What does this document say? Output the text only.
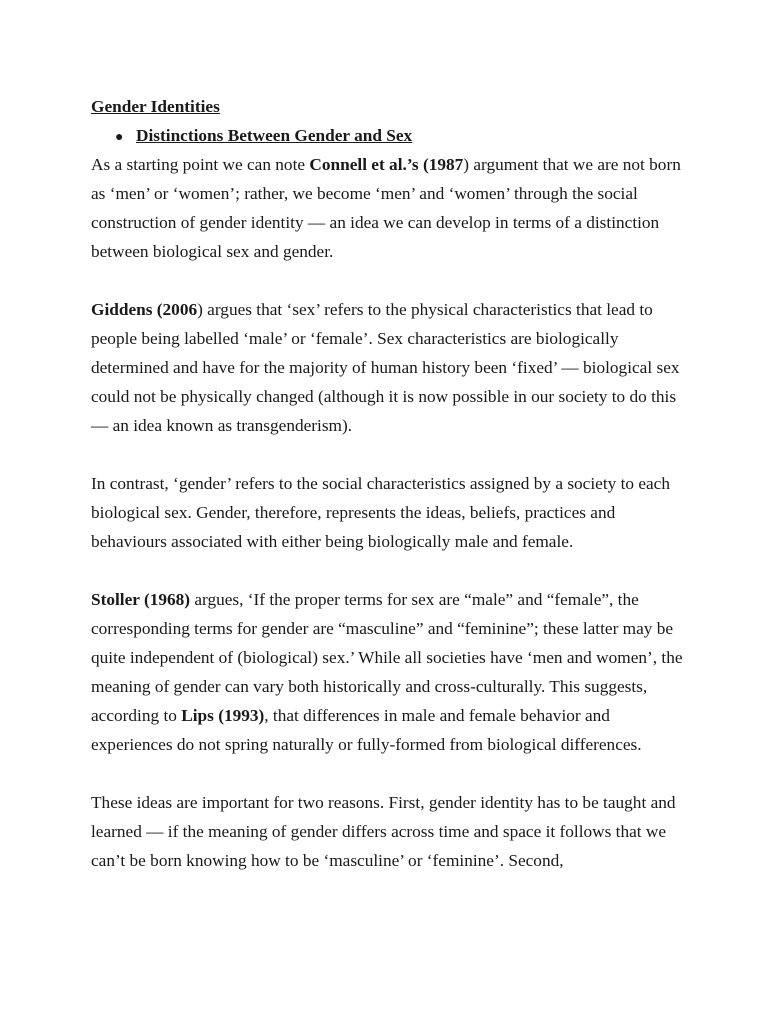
Gender Identities
● Distinctions Between Gender and Sex

As a starting point we can note Connell et al.’s (1987) argument that we are not born as ‘men’ or ‘women’; rather, we become ‘men’ and ‘women’ through the social construction of gender identity — an idea we can develop in terms of a distinction between biological sex and gender.

Giddens (2006) argues that ‘sex’ refers to the physical characteristics that lead to people being labelled ‘male’ or ‘female’. Sex characteristics are biologically determined and have for the majority of human history been ‘fixed’ — biological sex could not be physically changed (although it is now possible in our society to do this — an idea known as transgenderism).

In contrast, ‘gender’ refers to the social characteristics assigned by a society to each biological sex. Gender, therefore, represents the ideas, beliefs, practices and behaviours associated with either being biologically male and female.

Stoller (1968) argues, ‘If the proper terms for sex are “male” and “female”, the corresponding terms for gender are “masculine” and “feminine”; these latter may be quite independent of (biological) sex.’ While all societies have ‘men and women’, the meaning of gender can vary both historically and cross-culturally. This suggests, according to Lips (1993), that differences in male and female behavior and experiences do not spring naturally or fully-formed from biological differences.

These ideas are important for two reasons. First, gender identity has to be taught and learned — if the meaning of gender differs across time and space it follows that we can’t be born knowing how to be ‘masculine’ or ‘feminine’. Second,
